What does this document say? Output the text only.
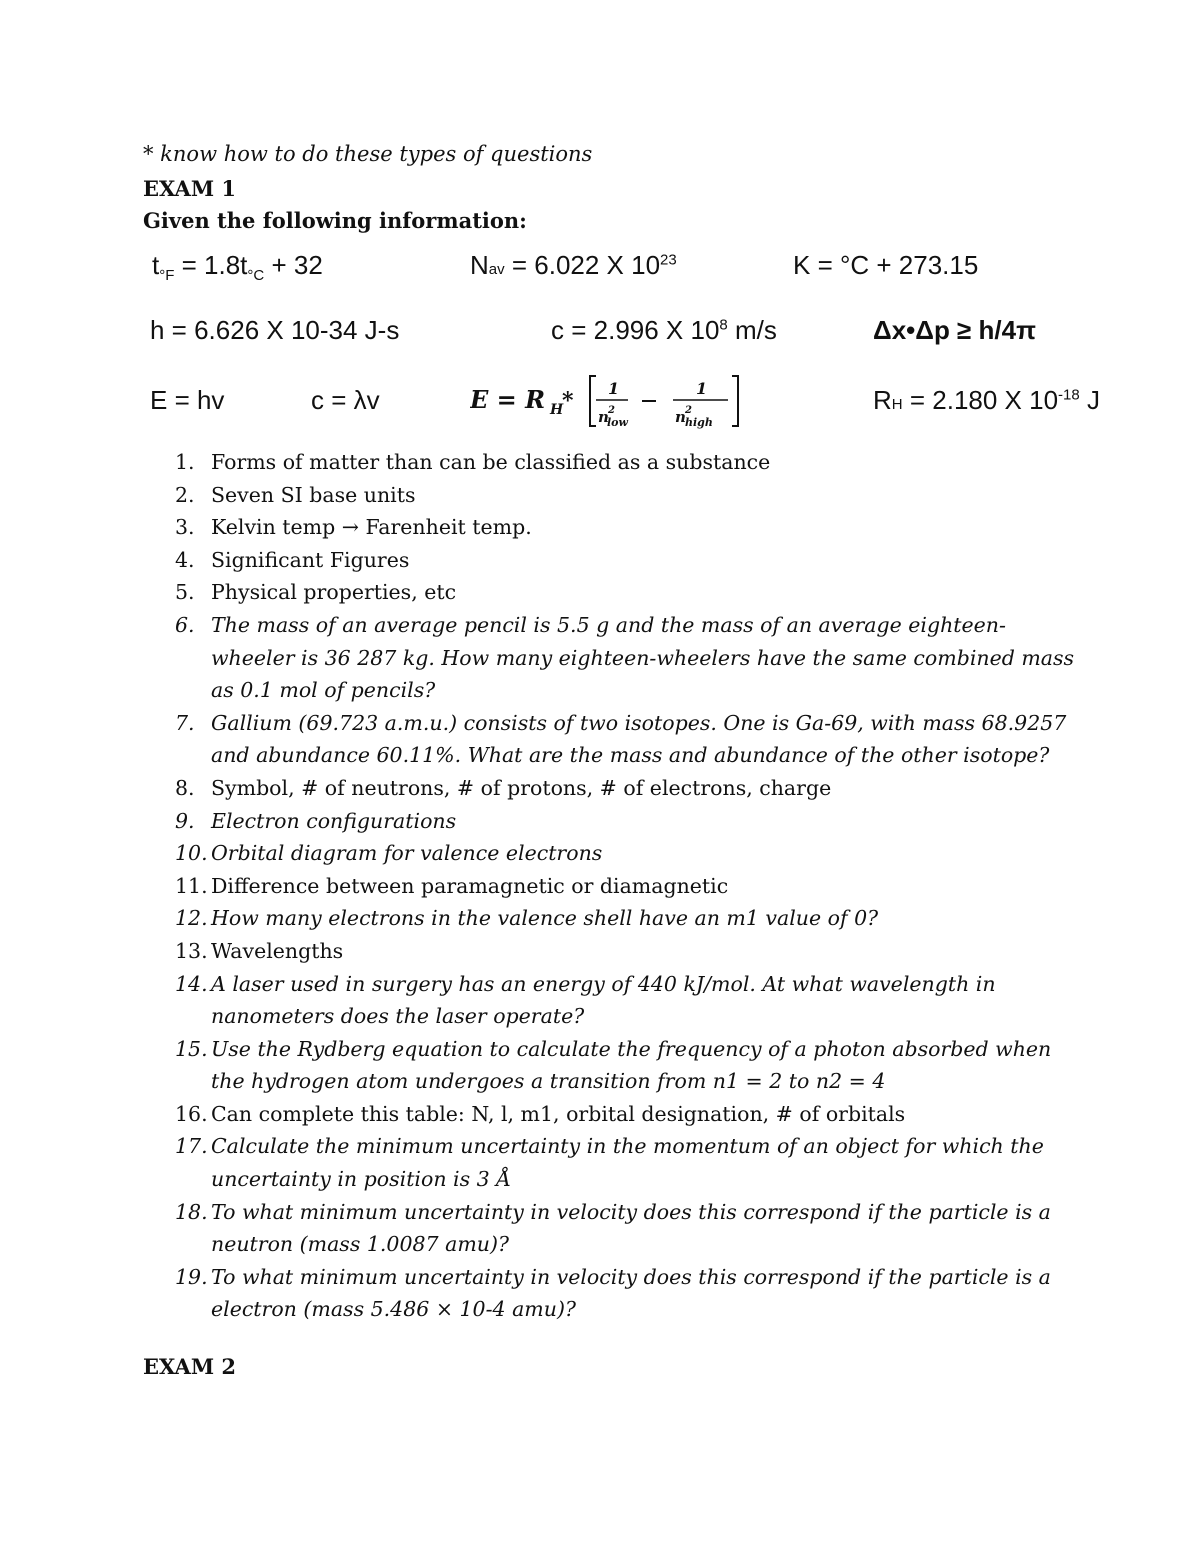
* know how to do these types of questions
EXAM 1
Given the following information:
$t_{^\circ F} = 1.8t_{^\circ C} + 32$	Nav = 6.022 X $10^{23}$	K = °C + 273.15
h = 6.626 X 10-34 J-s	c = 2.996 X $10^8$ m/s	Δx•Δp ≥ h/4π
E = hv	c = λv	E = R H
* 1
n 2
low
1
n 2
high
RH = 2.180 X $10^{-18}$ J
1. Forms of matter than can be classified as a substance
2. Seven SI base units
3. Kelvin temp → Farenheit temp.
4. Significant Figures
5. Physical properties, etc
6. The mass of an average pencil is 5.5 g and the mass of an average eighteen-wheeler is 36 287 kg. How many eighteen-wheelers have the same combined mass as 0.1 mol of pencils?
7. Gallium (69.723 a.m.u.) consists of two isotopes. One is Ga-69, with mass 68.9257 and abundance 60.11%. What are the mass and abundance of the other isotope?
8. Symbol, # of neutrons, # of protons, # of electrons, charge
9. Electron configurations
10. Orbital diagram for valence electrons
11. Difference between paramagnetic or diamagnetic
12. How many electrons in the valence shell have an m1 value of 0?
13. Wavelengths
14. A laser used in surgery has an energy of 440 kJ/mol. At what wavelength in nanometers does the laser operate?
15. Use the Rydberg equation to calculate the frequency of a photon absorbed when the hydrogen atom undergoes a transition from n1 = 2 to n2 = 4
16. Can complete this table: N, l, m1, orbital designation, # of orbitals
17. Calculate the minimum uncertainty in the momentum of an object for which the uncertainty in position is 3 Å
18. To what minimum uncertainty in velocity does this correspond if the particle is a neutron (mass 1.0087 amu)?
19. To what minimum uncertainty in velocity does this correspond if the particle is a electron (mass 5.486 × 10-4 amu)?
EXAM 2
